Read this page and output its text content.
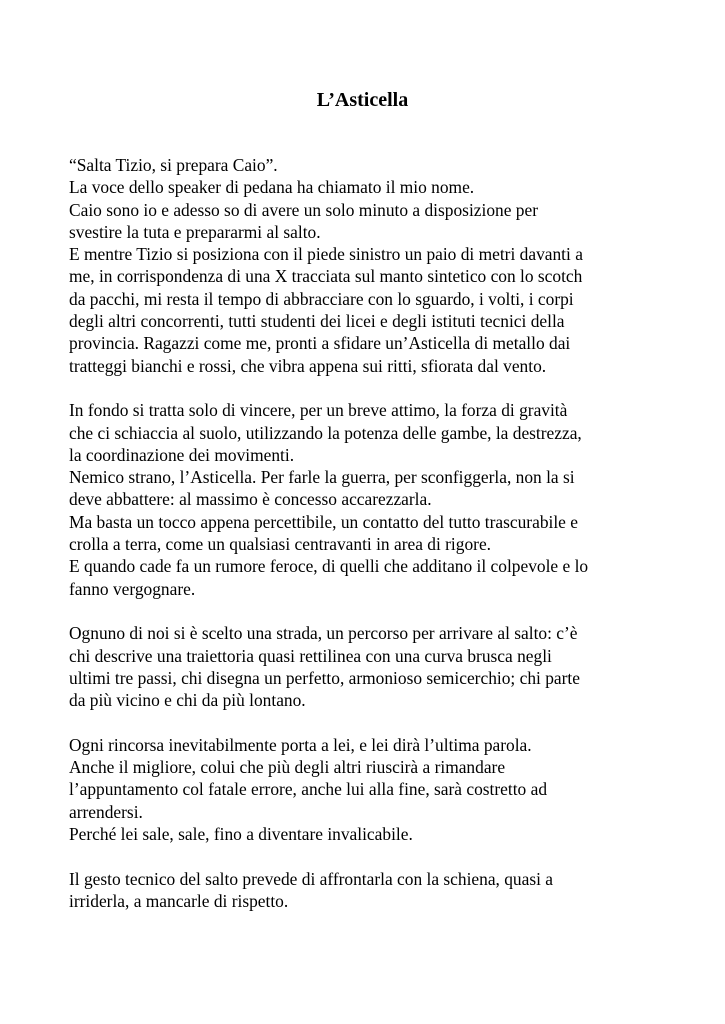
L’Asticella

“Salta Tizio, si prepara Caio”.
La voce dello speaker di pedana ha chiamato il mio nome.
Caio sono io e adesso so di avere un solo minuto a disposizione per
svestire la tuta e prepararmi al salto.
E mentre Tizio si posiziona con il piede sinistro un paio di metri davanti a
me, in corrispondenza di una X tracciata sul manto sintetico con lo scotch
da pacchi, mi resta il tempo di abbracciare con lo sguardo, i volti, i corpi
degli altri concorrenti, tutti studenti dei licei e degli istituti tecnici della
provincia. Ragazzi come me, pronti a sfidare un’Asticella di metallo dai
tratteggi bianchi e rossi, che vibra appena sui ritti, sfiorata dal vento.

In fondo si tratta solo di vincere, per un breve attimo, la forza di gravità
che ci schiaccia al suolo, utilizzando la potenza delle gambe, la destrezza,
la coordinazione dei movimenti.
Nemico strano, l’Asticella. Per farle la guerra, per sconfiggerla, non la si
deve abbattere: al massimo è concesso accarezzarla.
Ma basta un tocco appena percettibile, un contatto del tutto trascurabile e
crolla a terra, come un qualsiasi centravanti in area di rigore.
E quando cade fa un rumore feroce, di quelli che additano il colpevole e lo
fanno vergognare.

Ognuno di noi si è scelto una strada, un percorso per arrivare al salto: c’è
chi descrive una traiettoria quasi rettilinea con una curva brusca negli
ultimi tre passi, chi disegna un perfetto, armonioso semicerchio; chi parte
da più vicino e chi da più lontano.

Ogni rincorsa inevitabilmente porta a lei, e lei dirà l’ultima parola.
Anche il migliore, colui che più degli altri riuscirà a rimandare
l’appuntamento col fatale errore, anche lui alla fine, sarà costretto ad
arrendersi.
Perché lei sale, sale, fino a diventare invalicabile.

Il gesto tecnico del salto prevede di affrontarla con la schiena, quasi a
irriderla, a mancarle di rispetto.
